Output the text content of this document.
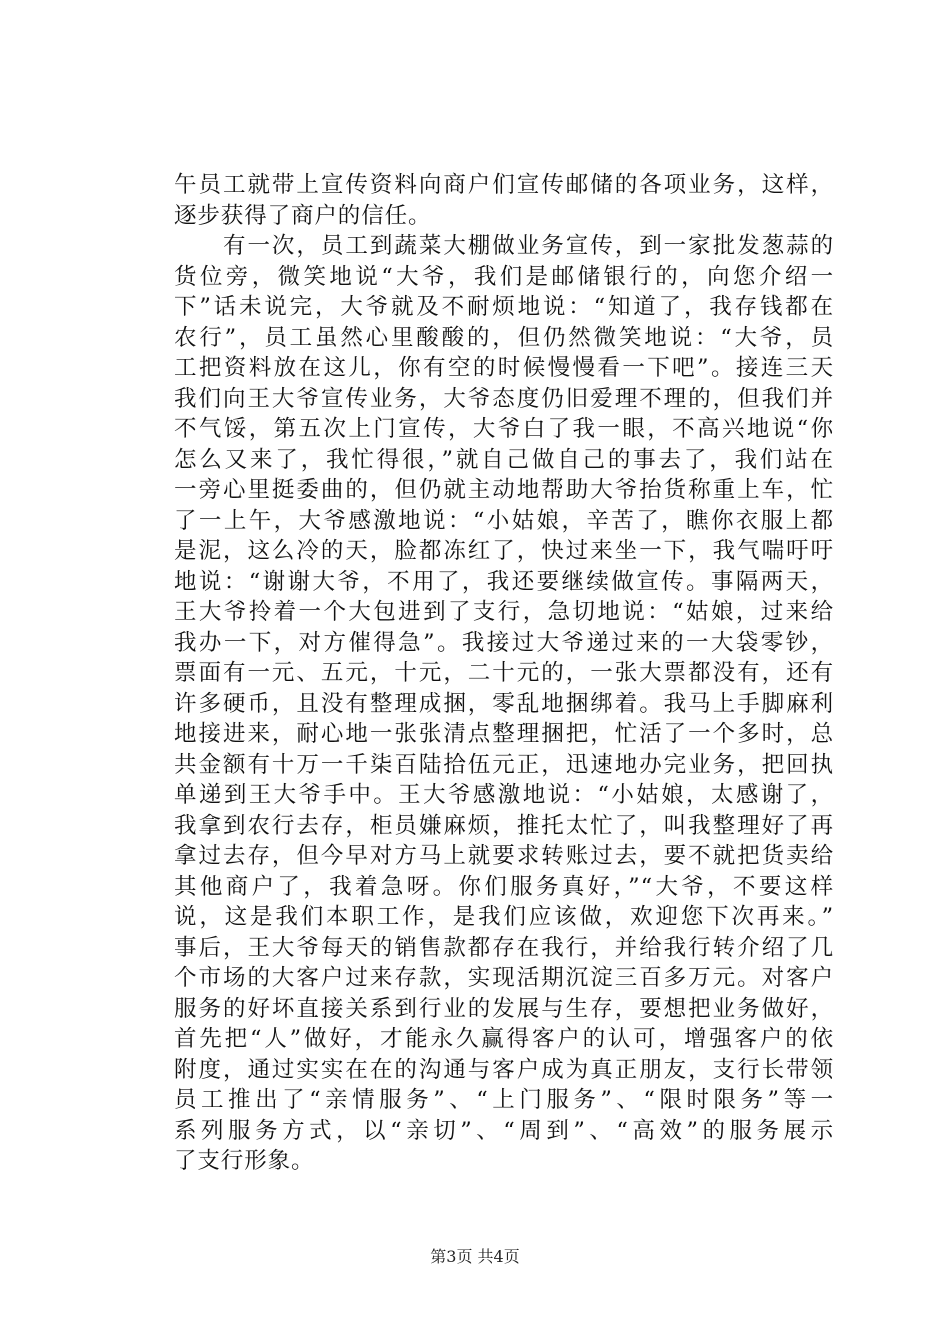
午员工就带上宣传资料向商户们宣传邮储的各项业务，这样，
逐步获得了商户的信任。
　　有一次，员工到蔬菜大棚做业务宣传，到一家批发葱蒜的
货位旁，微笑地说“大爷，我们是邮储银行的，向您介绍一
下”话未说完，大爷就及不耐烦地说：“知道了，我存钱都在
农行”，员工虽然心里酸酸的，但仍然微笑地说：“大爷，员
工把资料放在这儿，你有空的时候慢慢看一下吧”。接连三天
我们向王大爷宣传业务，大爷态度仍旧爱理不理的，但我们并
不气馁，第五次上门宣传，大爷白了我一眼，不高兴地说“你
怎么又来了，我忙得很，”就自己做自己的事去了，我们站在
一旁心里挺委曲的，但仍就主动地帮助大爷抬货称重上车，忙
了一上午，大爷感激地说：“小姑娘，辛苦了，瞧你衣服上都
是泥，这么冷的天，脸都冻红了，快过来坐一下，我气喘吁吁
地说：“谢谢大爷，不用了，我还要继续做宣传。事隔两天，
王大爷拎着一个大包进到了支行，急切地说：“姑娘，过来给
我办一下，对方催得急”。我接过大爷递过来的一大袋零钞，
票面有一元、五元，十元，二十元的，一张大票都没有，还有
许多硬币，且没有整理成捆，零乱地捆绑着。我马上手脚麻利
地接进来，耐心地一张张清点整理捆把，忙活了一个多时，总
共金额有十万一千柒百陆拾伍元正，迅速地办完业务，把回执
单递到王大爷手中。王大爷感激地说：“小姑娘，太感谢了，
我拿到农行去存，柜员嫌麻烦，推托太忙了，叫我整理好了再
拿过去存，但今早对方马上就要求转账过去，要不就把货卖给
其他商户了，我着急呀。你们服务真好，”“大爷，不要这样
说，这是我们本职工作，是我们应该做，欢迎您下次再来。”
事后，王大爷每天的销售款都存在我行，并给我行转介绍了几
个市场的大客户过来存款，实现活期沉淀三百多万元。对客户
服务的好坏直接关系到行业的发展与生存，要想把业务做好，
首先把“人”做好，才能永久赢得客户的认可，增强客户的依
附度，通过实实在在的沟通与客户成为真正朋友，支行长带领
员工推出了“亲情服务”、“上门服务”、“限时限务”等一
系列服务方式，以“亲切”、“周到”、“高效”的服务展示
了支行形象。
第3页 共4页
